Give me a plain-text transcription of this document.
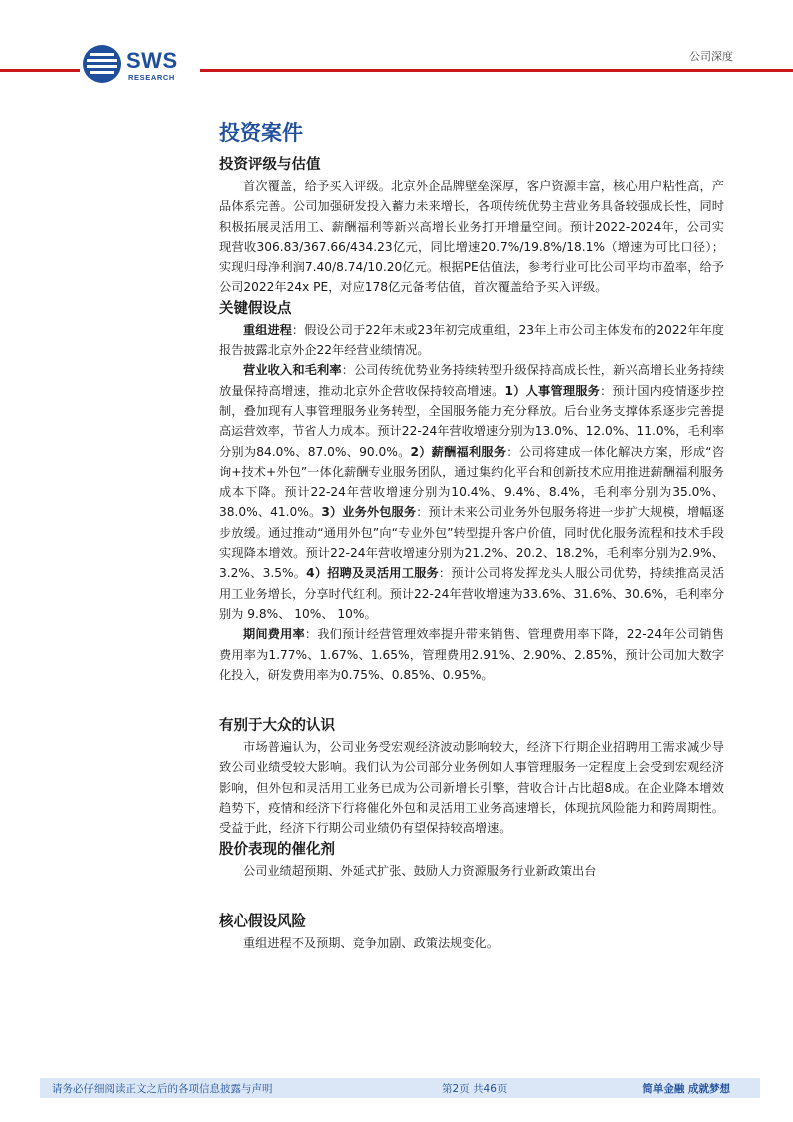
SWS
RESEARCH
公司深度
投资案件
投资评级与估值

首次覆盖，给予买入评级。北京外企品牌壁垒深厚，客户资源丰富，核心用户粘性高，产品体系完善。公司加强研发投入蓄力未来增长，各项传统优势主营业务具备较强成长性，同时积极拓展灵活用工、薪酬福利等新兴高增长业务打开增量空间。预计2022-2024年，公司实现营收306.83/367.66/434.23亿元，同比增速20.7%/19.8%/18.1%（增速为可比口径）；实现归母净利润7.40/8.74/10.20亿元。根据PE估值法，参考行业可比公司平均市盈率，给予公司2022年24x PE，对应178亿元备考估值，首次覆盖给予买入评级。

关键假设点

重组进程：假设公司于22年末或23年初完成重组，23年上市公司主体发布的2022年年度报告披露北京外企22年经营业绩情况。

营业收入和毛利率：公司传统优势业务持续转型升级保持高成长性，新兴高增长业务持续放量保持高增速，推动北京外企营收保持较高增速。1）人事管理服务：预计国内疫情逐步控制，叠加现有人事管理服务业务转型，全国服务能力充分释放。后台业务支撑体系逐步完善提高运营效率，节省人力成本。预计22-24年营收增速分别为13.0%、12.0%、11.0%，毛利率分别为84.0%、87.0%、90.0%。2）薪酬福利服务：公司将建成一体化解决方案，形成“咨询+技术+外包”一体化薪酬专业服务团队，通过集约化平台和创新技术应用推进薪酬福利服务成本下降。预计22-24年营收增速分别为10.4%、9.4%、8.4%，毛利率分别为35.0%、38.0%、41.0%。3）业务外包服务：预计未来公司业务外包服务将进一步扩大规模，增幅逐步放缓。通过推动“通用外包”向“专业外包”转型提升客户价值，同时优化服务流程和技术手段实现降本增效。预计22-24年营收增速分别为21.2%、20.2、18.2%，毛利率分别为2.9%、3.2%、3.5%。4）招聘及灵活用工服务：预计公司将发挥龙头人服公司优势，持续推高灵活用工业务增长，分享时代红利。预计22-24年营收增速为33.6%、31.6%、30.6%，毛利率分别为 9.8%、 10%、 10%。

期间费用率：我们预计经营管理效率提升带来销售、管理费用率下降，22-24年公司销售费用率为1.77%、1.67%、1.65%，管理费用2.91%、2.90%、2.85%，预计公司加大数字化投入，研发费用率为0.75%、0.85%、0.95%。

有别于大众的认识

市场普遍认为，公司业务受宏观经济波动影响较大，经济下行期企业招聘用工需求减少导致公司业绩受较大影响。我们认为公司部分业务例如人事管理服务一定程度上会受到宏观经济影响，但外包和灵活用工业务已成为公司新增长引擎，营收合计占比超8成。在企业降本增效趋势下，疫情和经济下行将催化外包和灵活用工业务高速增长，体现抗风险能力和跨周期性。受益于此，经济下行期公司业绩仍有望保持较高增速。

股价表现的催化剂

公司业绩超预期、外延式扩张、鼓励人力资源服务行业新政策出台

核心假设风险

重组进程不及预期、竞争加剧、政策法规变化。

请务必仔细阅读正文之后的各项信息披露与声明	第2页 共46页	简单金融 成就梦想
